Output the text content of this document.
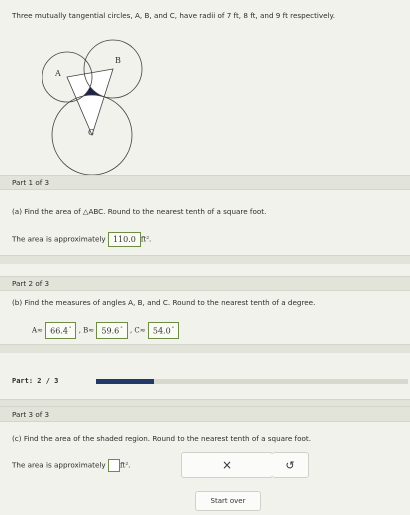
Three mutually tangential circles, A, B, and C, have radii of 7 ft, 8 ft, and 9 ft respectively.
A
B
C
Part 1 of 3
(a) Find the area of △ABC. Round to the nearest tenth of a square foot.
The area is approximately 110.0 ft².
Part 2 of 3
(b) Find the measures of angles A, B, and C. Round to the nearest tenth of a degree.
A≈ 66.4° , B≈ 59.6° , C≈ 54.0°
Part: 2 / 3
Part 3 of 3
(c) Find the area of the shaded region. Round to the nearest tenth of a square foot.
The area is approximately ft².	×	↺
Start over
